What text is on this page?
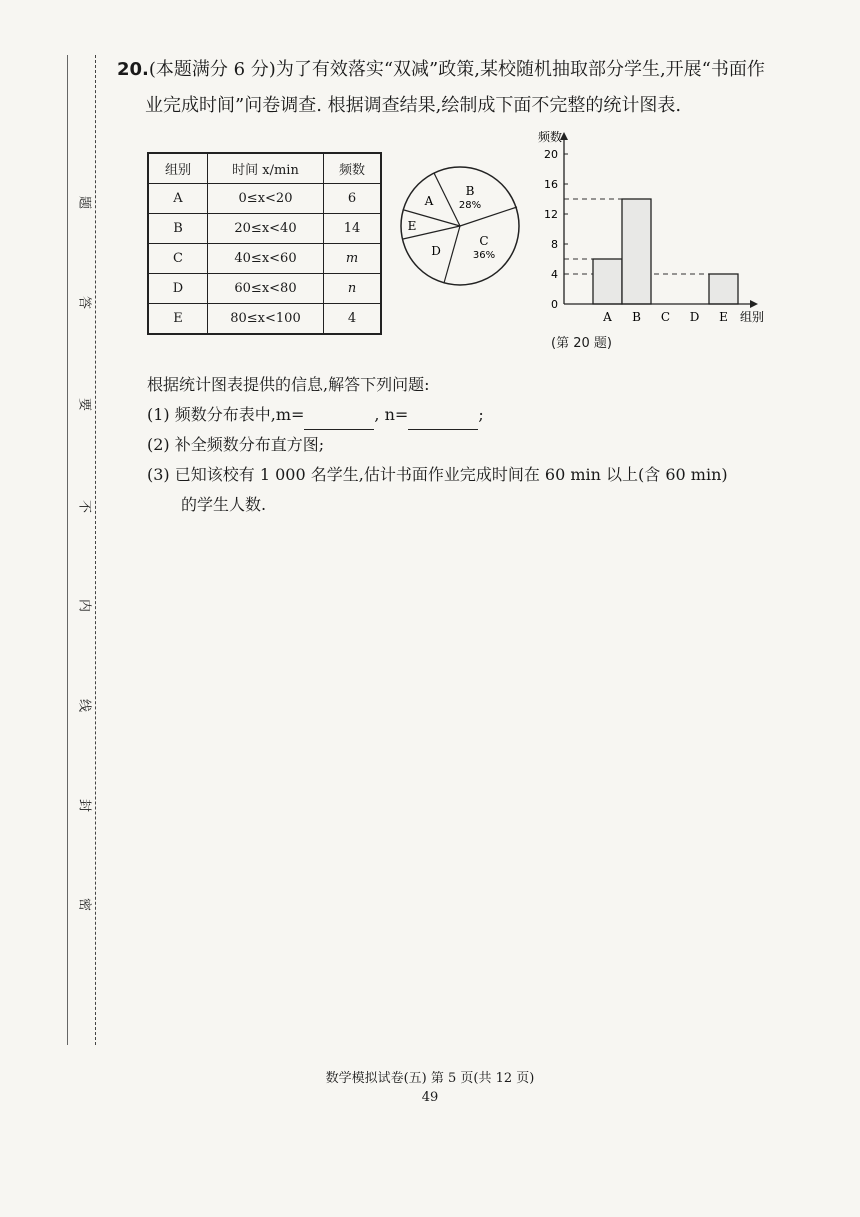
题
答
要
不
内
线
封
密
20.(本题满分 6 分)为了有效落实“双减”政策,某校随机抽取部分学生,开展“书面作
业完成时间”问卷调查. 根据调查结果,绘制成下面不完整的统计图表.
组别	时间 x/min	频数
A	0≤x<20	6
B	20≤x<40	14
C	40≤x<60	m
D	60≤x<80	n
E	80≤x<100	4
A
B
28%
C
36%
D
E
0
4
8
12
16
20
A B C D E
频数
组别
(第 20 题)
根据统计图表提供的信息,解答下列问题:
(1) 频数分布表中,m=	, n=	;
(2) 补全频数分布直方图;
(3) 已知该校有 1 000 名学生,估计书面作业完成时间在 60 min 以上(含 60 min)
的学生人数.
数学模拟试卷(五) 第 5 页(共 12 页)
49
